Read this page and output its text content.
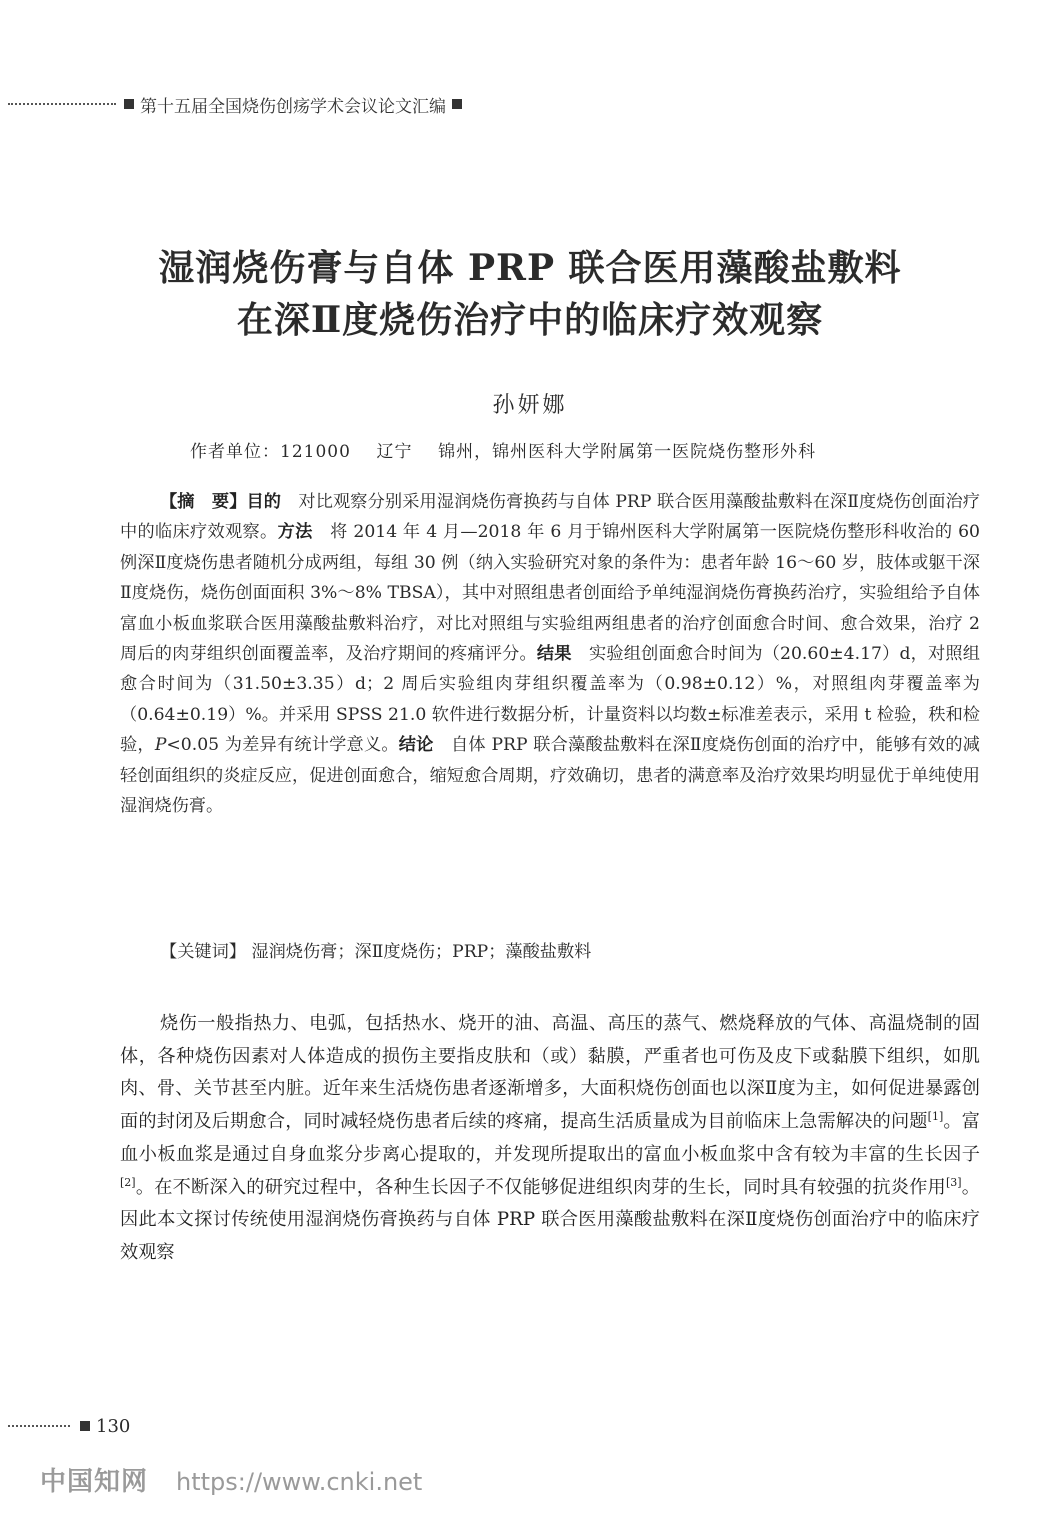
第十五届全国烧伤创疡学术会议论文汇编
湿润烧伤膏与自体 PRP 联合医用藻酸盐敷料
在深Ⅱ度烧伤治疗中的临床疗效观察
孙妍娜
作者单位：121000    辽宁    锦州，锦州医科大学附属第一医院烧伤整形外科

【摘　要】目的  对比观察分别采用湿润烧伤膏换药与自体 PRP 联合医用藻酸盐敷料在深Ⅱ度烧伤创面治疗中的临床疗效观察。方法  将 2014 年 4 月—2018 年 6 月于锦州医科大学附属第一医院烧伤整形科收治的 60 例深Ⅱ度烧伤患者随机分成两组，每组 30 例（纳入实验研究对象的条件为：患者年龄 16～60 岁，肢体或躯干深Ⅱ度烧伤，烧伤创面面积 3%～8% TBSA），其中对照组患者创面给予单纯湿润烧伤膏换药治疗，实验组给予自体富血小板血浆联合医用藻酸盐敷料治疗，对比对照组与实验组两组患者的治疗创面愈合时间、愈合效果，治疗 2 周后的肉芽组织创面覆盖率，及治疗期间的疼痛评分。结果  实验组创面愈合时间为（20.60±4.17）d，对照组愈合时间为（31.50±3.35）d；2 周后实验组肉芽组织覆盖率为（0.98±0.12）%，对照组肉芽覆盖率为（0.64±0.19）%。并采用 SPSS 21.0 软件进行数据分析，计量资料以均数±标准差表示，采用 t 检验，秩和检验，P<0.05 为差异有统计学意义。结论  自体 PRP 联合藻酸盐敷料在深Ⅱ度烧伤创面的治疗中，能够有效的减轻创面组织的炎症反应，促进创面愈合，缩短愈合周期，疗效确切，患者的满意率及治疗效果均明显优于单纯使用湿润烧伤膏。

【关键词】 湿润烧伤膏；深Ⅱ度烧伤；PRP；藻酸盐敷料

烧伤一般指热力、电弧，包括热水、烧开的油、高温、高压的蒸气、燃烧释放的气体、高温烧制的固体，各种烧伤因素对人体造成的损伤主要指皮肤和（或）黏膜，严重者也可伤及皮下或黏膜下组织，如肌肉、骨、关节甚至内脏。近年来生活烧伤患者逐渐增多，大面积烧伤创面也以深Ⅱ度为主，如何促进暴露创面的封闭及后期愈合，同时减轻烧伤患者后续的疼痛，提高生活质量成为目前临床上急需解决的问题[1]。富血小板血浆是通过自身血浆分步离心提取的，并发现所提取出的富血小板血浆中含有较为丰富的生长因子[2]。在不断深入的研究过程中，各种生长因子不仅能够促进组织肉芽的生长，同时具有较强的抗炎作用[3]。因此本文探讨传统使用湿润烧伤膏换药与自体 PRP 联合医用藻酸盐敷料在深Ⅱ度烧伤创面治疗中的临床疗效观察

130
中国知网 https://www.cnki.net
